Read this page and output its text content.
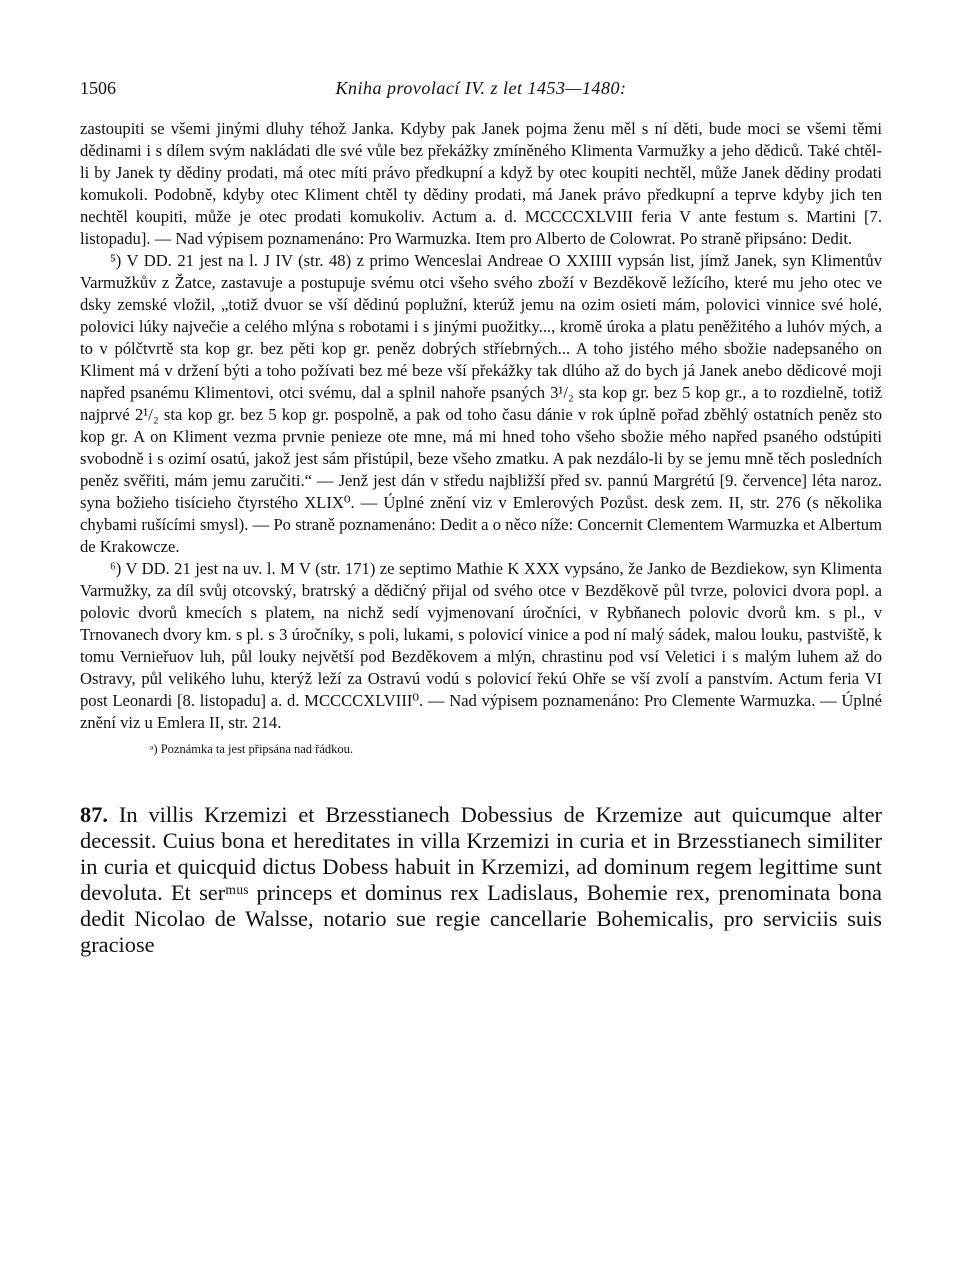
1506	Kniha provolací IV. z let 1453—1480:

zastoupiti se všemi jinými dluhy téhož Janka. Kdyby pak Janek pojma ženu měl s ní děti, bude moci se všemi těmi dědinami i s dílem svým nakládati dle své vůle bez překážky zmíněného Klimenta Varmužky a jeho dědiců. Také chtěl-li by Janek ty dědiny prodati, má otec míti právo předkupní a když by otec koupiti nechtěl, může Janek dědiny prodati komukoli. Podobně, kdyby otec Kliment chtěl ty dědiny prodati, má Janek právo předkupní a teprve kdyby jich ten nechtěl koupiti, může je otec prodati komukoliv. Actum a. d. MCCCCXLVIII feria V ante festum s. Martini [7. listopadu]. — Nad výpisem poznamenáno: Pro Warmuzka. Item pro Alberto de Colowrat. Po straně připsáno: Dedit.

⁵) V DD. 21 jest na l. J IV (str. 48) z primo Wenceslai Andreae O XXIIII vypsán list, jímž Janek, syn Klimentův Varmužkův z Žatce, zastavuje a postupuje svému otci všeho svého zboží v Bezděkově ležícího, které mu jeho otec ve dsky zemské vložil, „totiž dvuor se vší dědinú poplužní, kterúž jemu na ozim osieti mám, polovici vinnice své holé, polovici lúky največie a celého mlýna s robotami i s jinými puožitky..., kromě úroka a platu peněžitého a luhóv mých, a to v pólčtvrtě sta kop gr. bez pěti kop gr. peněz dobrých stříebrných... A toho jistého mého sbožie nadepsaného on Kliment má v držení býti a toho požívati bez mé beze vší překážky tak dlúho až do bych já Janek anebo dědicové moji napřed psanému Klimentovi, otci svému, dal a splnil nahoře psaných 3¹/₂ sta kop gr. bez 5 kop gr., a to rozdielně, totiž najprvé 2¹/₂ sta kop gr. bez 5 kop gr. pospolně, a pak od toho času dánie v rok úplně pořad zběhlý ostatních peněz sto kop gr. A on Kliment vezma prvnie penieze ote mne, má mi hned toho všeho sbožie mého napřed psaného odstúpiti svobodně i s ozimí osatú, jakož jest sám přistúpil, beze všeho zmatku. A pak nezdálo-li by se jemu mně těch posledních peněz svěřiti, mám jemu zaručiti.“ — Jenž jest dán v středu najbližší před sv. pannú Margrétú [9. července] léta naroz. syna božieho tisícieho čtyrstého XLIX⁰. — Úplné znění viz v Emlerových Pozůst. desk zem. II, str. 276 (s několika chybami rušícími smysl). — Po straně poznamenáno: Dedit a o něco níže: Concernit Clementem Warmuzka et Albertum de Krakowcze.

⁶) V DD. 21 jest na uv. l. M V (str. 171) ze septimo Mathie K XXX vypsáno, že Janko de Bezdiekow, syn Klimenta Varmužky, za díl svůj otcovský, bratrský a dědičný přijal od svého otce v Bezděkově půl tvrze, polovici dvora popl. a polovic dvorů kmecích s platem, na nichž sedí vyjmenovaní úročníci, v Rybňanech polovic dvorů km. s pl., v Trnovanech dvory km. s pl. s 3 úročníky, s poli, lukami, s polovicí vinice a pod ní malý sádek, malou louku, pastviště, k tomu Vernieřuov luh, půl louky největší pod Bezděkovem a mlýn, chrastinu pod vsí Veletici i s malým luhem až do Ostravy, půl velikého luhu, kterýž leží za Ostravú vodú s polovicí řekú Ohře se vší zvolí a panstvím. Actum feria VI post Leonardi [8. listopadu] a. d. MCCCCXLVIII⁰. — Nad výpisem poznamenáno: Pro Clemente Warmuzka. — Úplné znění viz u Emlera II, str. 214.

ᵃ) Poznámka ta jest připsána nad řádkou.

87. In villis Krzemizi et Brzesstianech Dobessius de Krzemize aut quicumque alter decessit. Cuius bona et hereditates in villa Krzemizi in curia et in Brzesstianech similiter in curia et quicquid dictus Dobess habuit in Krzemizi, ad dominum regem legittime sunt devoluta. Et serᵐᵘˢ princeps et dominus rex Ladislaus, Bohemie rex, prenominata bona dedit Nicolao de Walsse, notario sue regie cancellarie Bohemicalis, pro serviciis suis graciose
